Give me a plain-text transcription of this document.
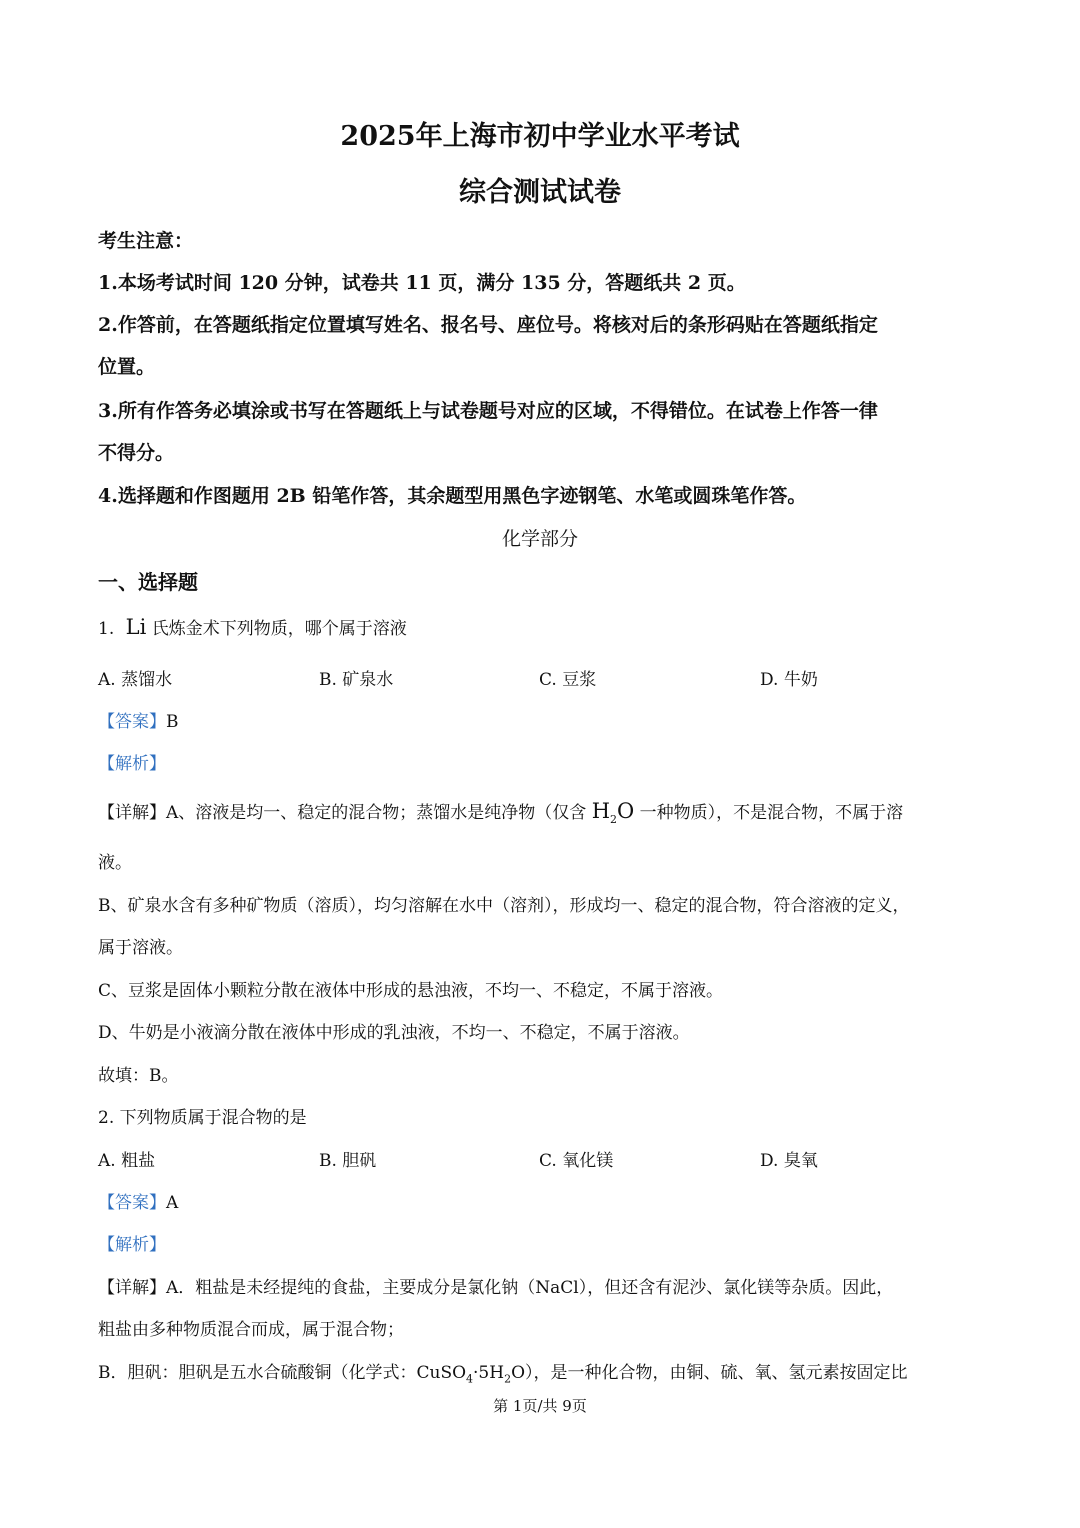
2025年上海市初中学业水平考试
综合测试试卷
考生注意：
1.本场考试时间 120 分钟，试卷共 11 页，满分 135 分，答题纸共 2 页。
2.作答前，在答题纸指定位置填写姓名、报名号、座位号。将核对后的条形码贴在答题纸指定
位置。
3.所有作答务必填涂或书写在答题纸上与试卷题号对应的区域，不得错位。在试卷上作答一律
不得分。
4.选择题和作图题用 2B 铅笔作答，其余题型用黑色字迹钢笔、水笔或圆珠笔作答。
化学部分
一、选择题
1. Li 氏炼金术下列物质，哪个属于溶液
A. 蒸馏水	B. 矿泉水	C. 豆浆	D. 牛奶
【答案】B
【解析】
【详解】A、溶液是均一、稳定的混合物；蒸馏水是纯净物（仅含 $H_2O$ 一种物质），不是混合物，不属于溶
液。
B、矿泉水含有多种矿物质（溶质），均匀溶解在水中（溶剂），形成均一、稳定的混合物，符合溶液的定义，
属于溶液。
C、豆浆是固体小颗粒分散在液体中形成的悬浊液，不均一、不稳定，不属于溶液。
D、牛奶是小液滴分散在液体中形成的乳浊液，不均一、不稳定，不属于溶液。
故填：B。
2. 下列物质属于混合物的是
A. 粗盐	B. 胆矾	C. 氧化镁	D. 臭氧
【答案】A
【解析】
【详解】A．粗盐是未经提纯的食盐，主要成分是氯化钠（NaCl），但还含有泥沙、氯化镁等杂质。因此，
粗盐由多种物质混合而成，属于混合物；
B．胆矾：胆矾是五水合硫酸铜（化学式：$CuSO_4\cdot 5H_2O$），是一种化合物，由铜、硫、氧、氢元素按固定比
第 1页/共 9页
